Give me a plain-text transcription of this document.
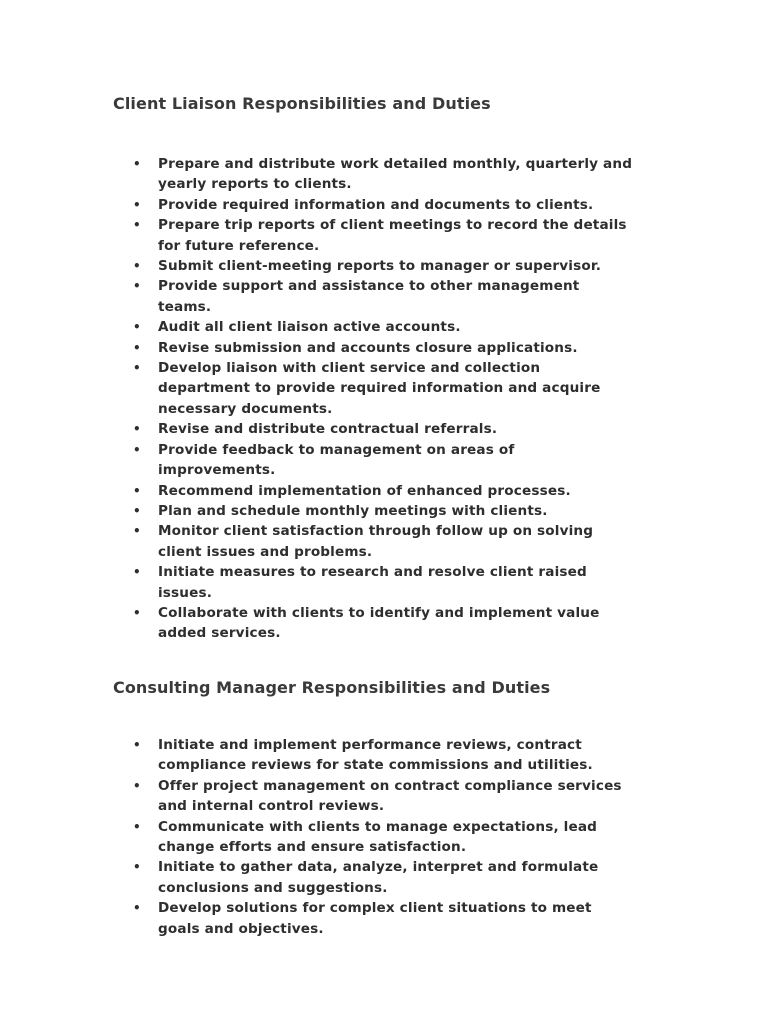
Client Liaison Responsibilities and Duties
• Prepare and distribute work detailed monthly, quarterly and
yearly reports to clients.
• Provide required information and documents to clients.
• Prepare trip reports of client meetings to record the details
for future reference.
• Submit client-meeting reports to manager or supervisor.
• Provide support and assistance to other management
teams.
• Audit all client liaison active accounts.
• Revise submission and accounts closure applications.
• Develop liaison with client service and collection
department to provide required information and acquire
necessary documents.
• Revise and distribute contractual referrals.
• Provide feedback to management on areas of
improvements.
• Recommend implementation of enhanced processes.
• Plan and schedule monthly meetings with clients.
• Monitor client satisfaction through follow up on solving
client issues and problems.
• Initiate measures to research and resolve client raised
issues.
• Collaborate with clients to identify and implement value
added services.
Consulting Manager Responsibilities and Duties
• Initiate and implement performance reviews, contract
compliance reviews for state commissions and utilities.
• Offer project management on contract compliance services
and internal control reviews.
• Communicate with clients to manage expectations, lead
change efforts and ensure satisfaction.
• Initiate to gather data, analyze, interpret and formulate
conclusions and suggestions.
• Develop solutions for complex client situations to meet
goals and objectives.
